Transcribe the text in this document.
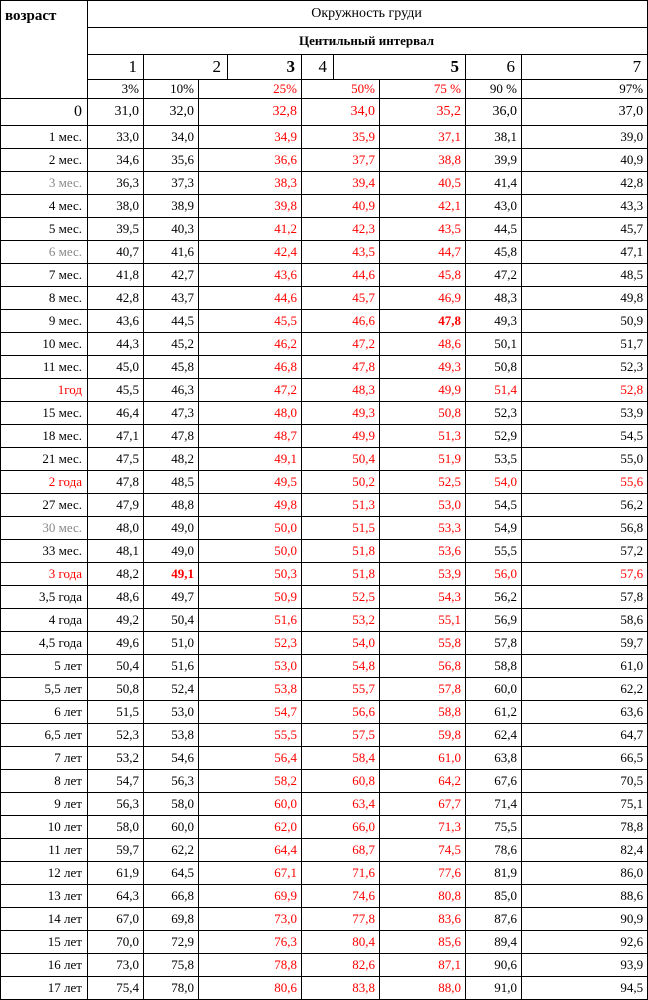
возраст	Окружность груди									
	Центильный интервал									
	1	2		3	4	5		6	7	
	3%	10%	25%		50%		75 %	90 %	97%	
0	31,0	32,0	32,8		34,0		35,2	36,0	37,0	
1 мес.	33,0	34,0	34,9		35,9		37,1	38,1	39,0	
2 мес.	34,6	35,6	36,6		37,7		38,8	39,9	40,9	
3 мес.	36,3	37,3	38,3		39,4		40,5	41,4	42,8	
4 мес.	38,0	38,9	39,8		40,9		42,1	43,0	43,3	
5 мес.	39,5	40,3	41,2		42,3		43,5	44,5	45,7	
6 мес.	40,7	41,6	42,4		43,5		44,7	45,8	47,1	
7 мес.	41,8	42,7	43,6		44,6		45,8	47,2	48,5	
8 мес.	42,8	43,7	44,6		45,7		46,9	48,3	49,8	
9 мес.	43,6	44,5	45,5		46,6		47,8	49,3	50,9	
10 мес.	44,3	45,2	46,2		47,2		48,6	50,1	51,7	
11 мес.	45,0	45,8	46,8		47,8		49,3	50,8	52,3	
1год	45,5	46,3	47,2		48,3		49,9	51,4	52,8	
15 мес.	46,4	47,3	48,0		49,3		50,8	52,3	53,9	
18 мес.	47,1	47,8	48,7		49,9		51,3	52,9	54,5	
21 мес.	47,5	48,2	49,1		50,4		51,9	53,5	55,0	
2 года	47,8	48,5	49,5		50,2		52,5	54,0	55,6	
27 мес.	47,9	48,8	49,8		51,3		53,0	54,5	56,2	
30 мес.	48,0	49,0	50,0		51,5		53,3	54,9	56,8	
33 мес.	48,1	49,0	50,0		51,8		53,6	55,5	57,2	
3 года	48,2	49,1	50,3		51,8		53,9	56,0	57,6	
3,5 года	48,6	49,7	50,9		52,5		54,3	56,2	57,8	
4 года	49,2	50,4	51,6		53,2		55,1	56,9	58,6	
4,5 года	49,6	51,0	52,3		54,0		55,8	57,8	59,7	
5 лет	50,4	51,6	53,0		54,8		56,8	58,8	61,0	
5,5 лет	50,8	52,4	53,8		55,7		57,8	60,0	62,2	
6 лет	51,5	53,0	54,7		56,6		58,8	61,2	63,6	
6,5 лет	52,3	53,8	55,5		57,5		59,8	62,4	64,7	
7 лет	53,2	54,6	56,4		58,4		61,0	63,8	66,5	
8 лет	54,7	56,3	58,2		60,8		64,2	67,6	70,5	
9 лет	56,3	58,0	60,0		63,4		67,7	71,4	75,1	
10 лет	58,0	60,0	62,0		66,0		71,3	75,5	78,8	
11 лет	59,7	62,2	64,4		68,7		74,5	78,6	82,4	
12 лет	61,9	64,5	67,1		71,6		77,6	81,9	86,0	
13 лет	64,3	66,8	69,9		74,6		80,8	85,0	88,6	
14 лет	67,0	69,8	73,0		77,8		83,6	87,6	90,9	
15 лет	70,0	72,9	76,3		80,4		85,6	89,4	92,6	
16 лет	73,0	75,8	78,8		82,6		87,1	90,6	93,9	
17 лет	75,4	78,0	80,6		83,8		88,0	91,0	94,5	
